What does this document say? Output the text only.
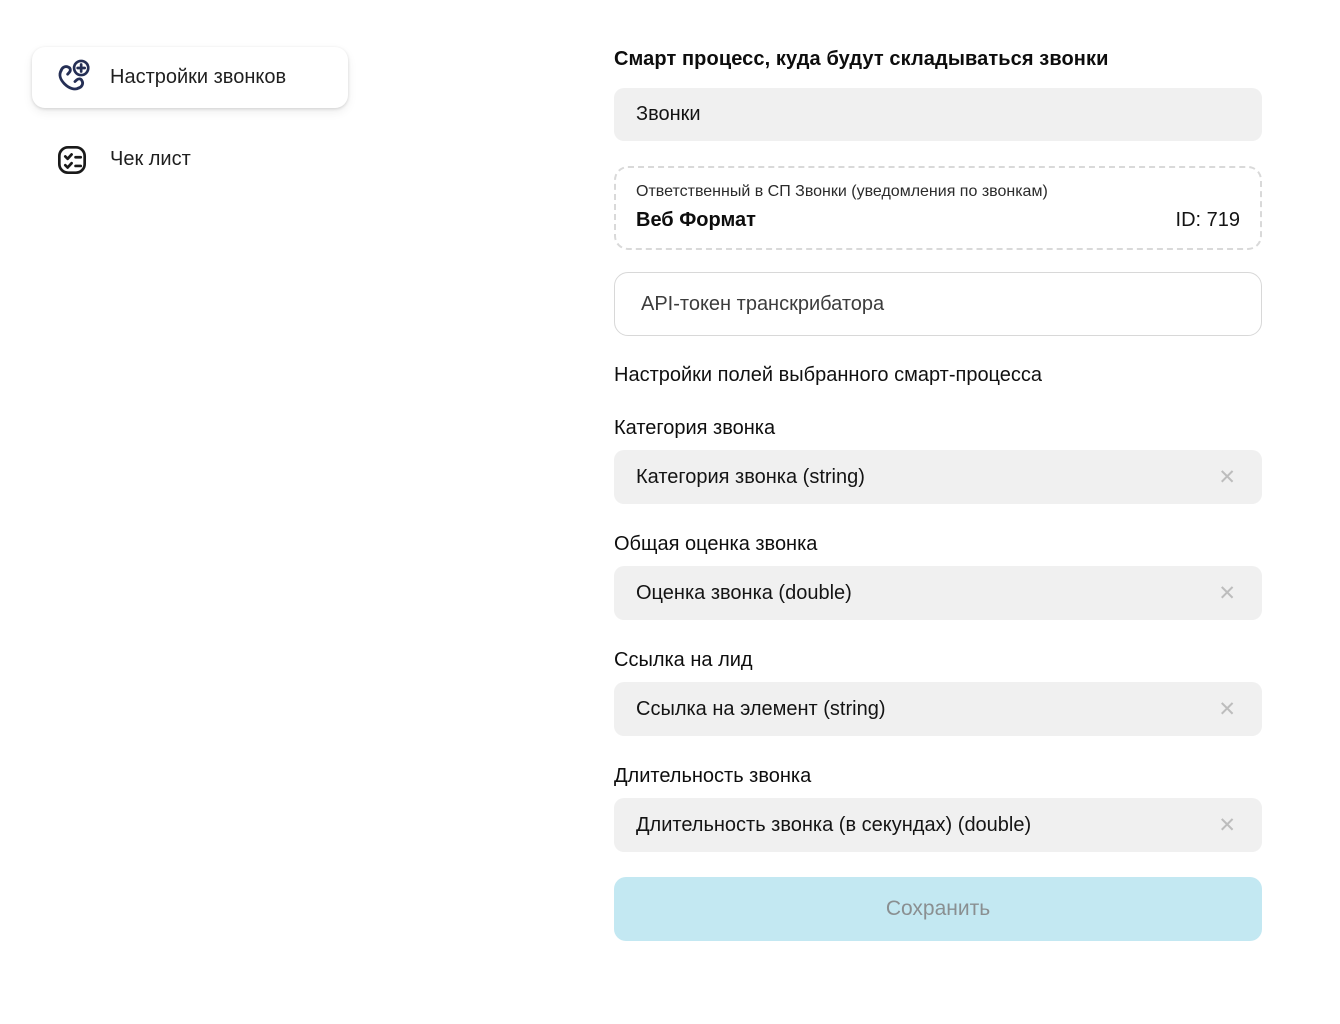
Настройки звонков
Чек лист
Смарт процесс, куда будут складываться звонки
Звонки
Ответственный в СП Звонки (уведомления по звонкам)
Веб Формат	ID: 719
API-токен транскрибатора
Настройки полей выбранного смарт-процесса
Категория звонка
Категория звонка (string)	✕
Общая оценка звонка
Оценка звонка (double)	✕
Ссылка на лид
Ссылка на элемент (string)	✕
Длительность звонка
Длительность звонка (в секундах) (double)	✕
Сохранить
